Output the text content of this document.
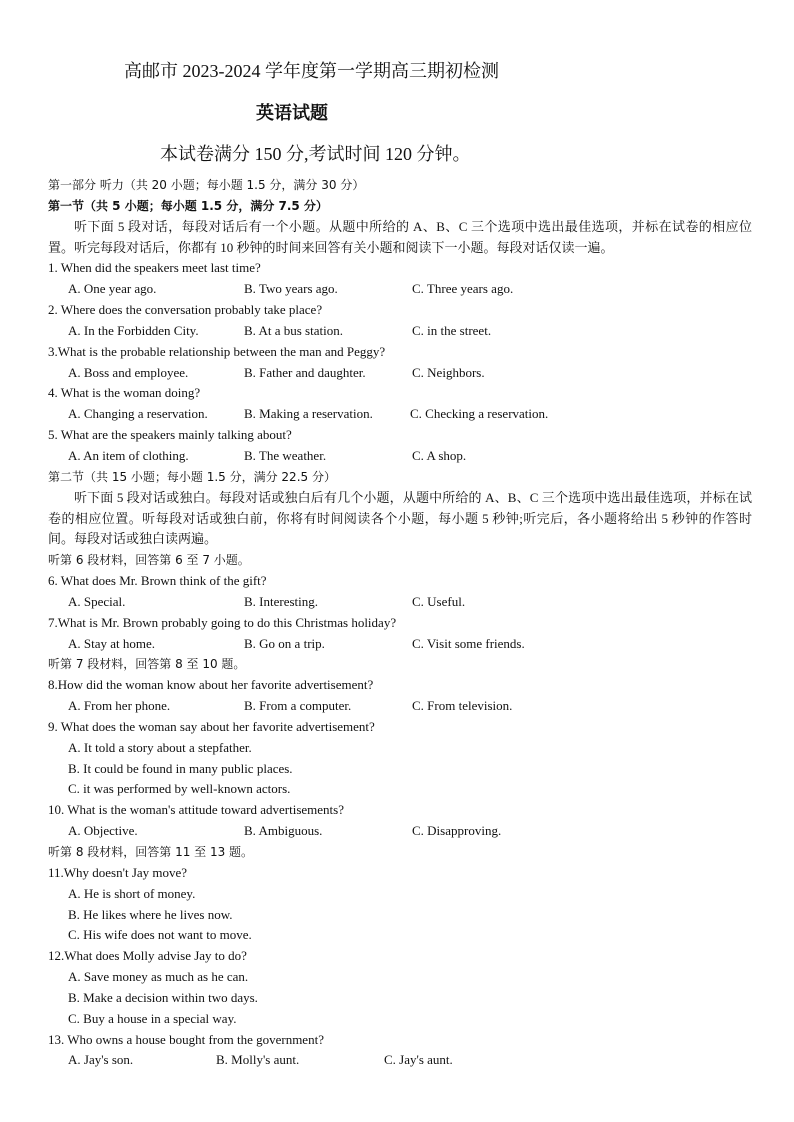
高邮市 2023-2024 学年度第一学期高三期初检测
英语试题
本试卷满分 150 分,考试时间 120 分钟。
第一部分 听力（共 20 小题；每小题 1.5 分，满分 30 分）
第一节（共 5 小题；每小题 1.5 分，满分 7.5 分）
听下面 5 段对话，每段对话后有一个小题。从题中所给的 A、B、C 三个选项中选出最佳选项，并标在试卷的相应位置。听完每段对话后，你都有 10 秒钟的时间来回答有关小题和阅读下一小题。每段对话仅读一遍。
1. When did the speakers meet last time?
A. One year ago.	B. Two years ago.	C. Three years ago.
2. Where does the conversation probably take place?
A. In the Forbidden City.	B. At a bus station.	C. in the street.
3.What is the probable relationship between the man and Peggy?
A. Boss and employee.	B. Father and daughter.	C. Neighbors.
4. What is the woman doing?
A. Changing a reservation.	B. Making a reservation.	C. Checking a reservation.
5. What are the speakers mainly talking about?
A. An item of clothing.	B. The weather.	C. A shop.
第二节（共 15 小题；每小题 1.5 分，满分 22.5 分）
听下面 5 段对话或独白。每段对话或独白后有几个小题，从题中所给的 A、B、C 三个选项中选出最佳选项，并标在试卷的相应位置。听每段对话或独白前，你将有时间阅读各个小题，每小题 5 秒钟;听完后，各小题将给出 5 秒钟的作答时间。每段对话或独白读两遍。
听第 6 段材料，回答第 6 至 7 小题。
6. What does Mr. Brown think of the gift?
A. Special.	B. Interesting.	C. Useful.
7.What is Mr. Brown probably going to do this Christmas holiday?
A. Stay at home.	B. Go on a trip.	C. Visit some friends.
听第 7 段材料，回答第 8 至 10 题。
8.How did the woman know about her favorite advertisement?
A. From her phone.	B. From a computer.	C. From television.
9. What does the woman say about her favorite advertisement?
A. It told a story about a stepfather.
B. It could be found in many public places.
C. it was performed by well-known actors.
10. What is the woman's attitude toward advertisements?
A. Objective.	B. Ambiguous.	C. Disapproving.
听第 8 段材料，回答第 11 至 13 题。
11.Why doesn't Jay move?
A. He is short of money.
B. He likes where he lives now.
C. His wife does not want to move.
12.What does Molly advise Jay to do?
A. Save money as much as he can.
B. Make a decision within two days.
C. Buy a house in a special way.
13. Who owns a house bought from the government?
A. Jay's son.	B. Molly's aunt.	C. Jay's aunt.
